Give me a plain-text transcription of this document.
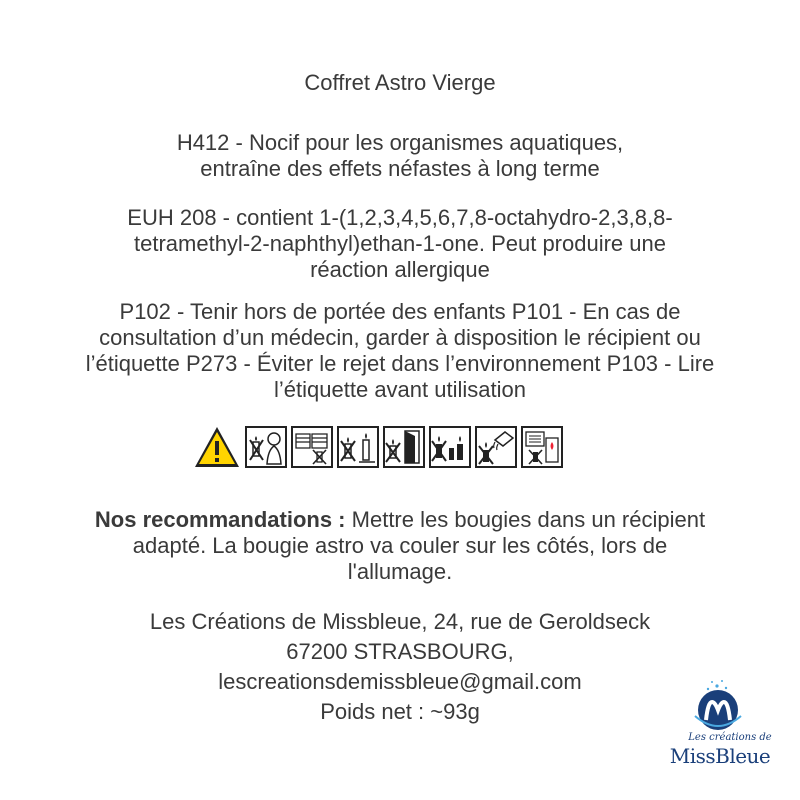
Coffret Astro Vierge
H412 - Nocif pour les organismes aquatiques,
entraîne des effets néfastes à long terme
EUH 208 - contient 1-(1,2,3,4,5,6,7,8-octahydro-2,3,8,8-
tetramethyl-2-naphthyl)ethan-1-one. Peut produire une
réaction allergique
P102 - Tenir hors de portée des enfants P101 - En cas de
consultation d’un médecin, garder à disposition le récipient ou
l’étiquette P273 - Éviter le rejet dans l’environnement P103 - Lire
l’étiquette avant utilisation
Nos recommandations : Mettre les bougies dans un récipient
adapté. La bougie astro va couler sur les côtés, lors de
l'allumage.
Les Créations de Missbleue, 24, rue de Geroldseck
67200 STRASBOURG,
lescreationsdemissbleue@gmail.com
Poids net : ~93g
Les créations de
MissBleue
